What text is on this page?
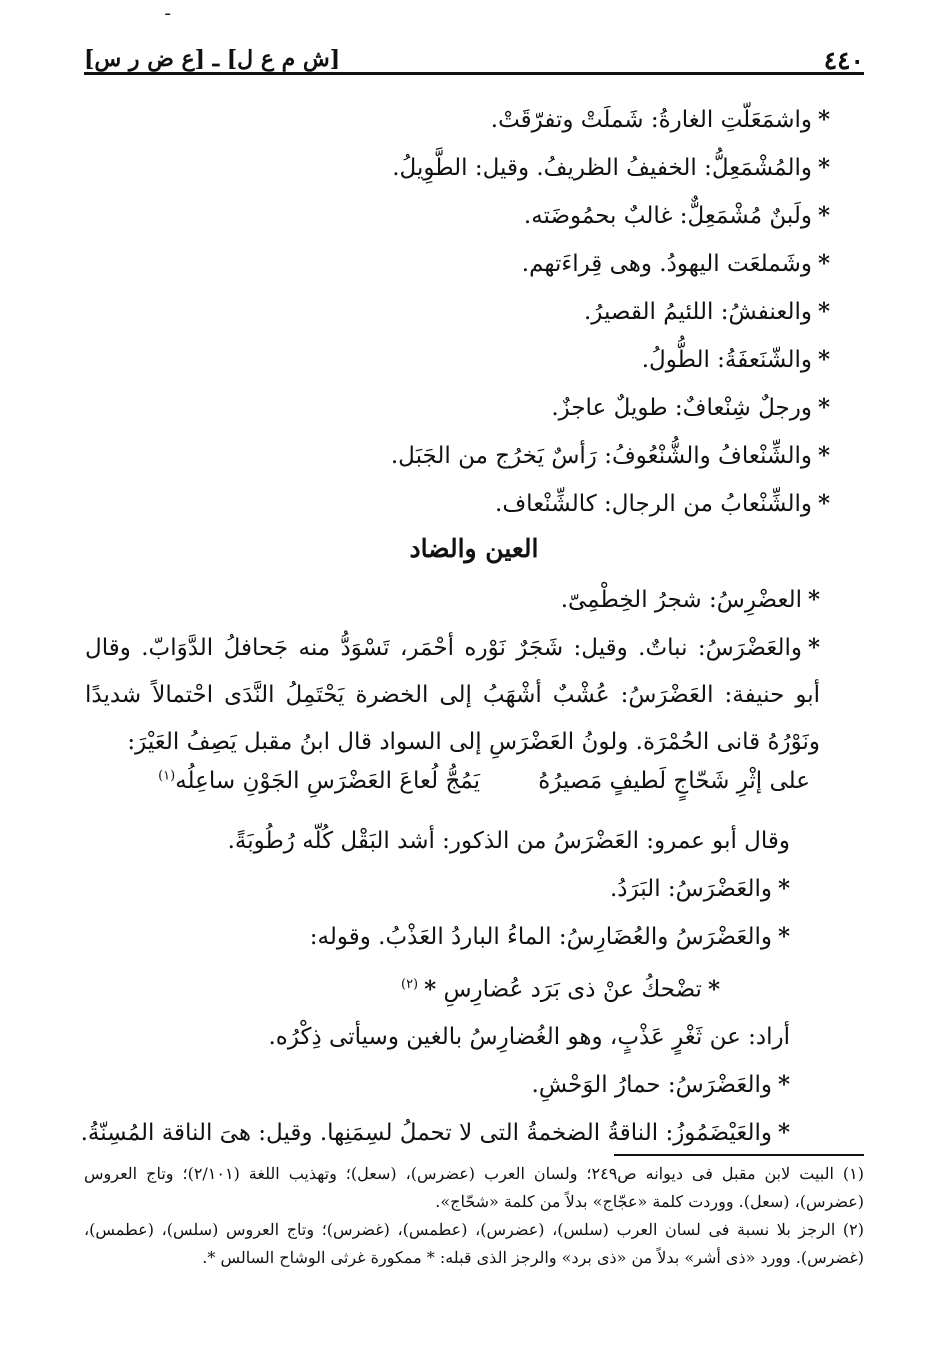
ـ
٤٤٠
[ش م ع ل] ـ [ع ض ر س]
*واشمَعَلّتِ الغارةُ: شَملَتْ وتفرّقَتْ.
*والمُشْمَعِلُّ: الخفيفُ الظريفُ. وقيل: الطَّوِيلُ.
*ولَبنٌ مُشْمَعِلٌّ: غالبٌ بحمُوضَته.
*وشَملعَت اليهودُ. وهى قِراءَتهم.
*والعنفشُ: اللئيمُ القصيرُ.
*والشّنَعفَةُ: الطُّولُ.
*ورجلٌ شِنْعافٌ: طويلٌ عاجزٌ.
*والشِّنْعافُ والشُّنْعُوفُ: رَأسٌ يَخرُج من الجَبَل.
*والشِّنْعابُ من الرجال: كالشِّنْعاف.
العين والضاد
*العضْرِسُ: شجرُ الخِطْمِىّ.
*والعَضْرَسُ: نباتٌ. وقيل: شَجَرٌ نَوْره أحْمَر، تَسْوَدُّ منه جَحافلُ الدَّوَابّ. وقال أبو حنيفة: العَضْرَسُ: عُشْبٌ أشْهَبُ إلى الخضرة يَحْتَمِلُ النَّدَى احْتمالاً شديدًا ونَوْرُهُ قانى الحُمْرَة. ولونُ العَضْرَسِ إلى السواد قال ابنُ مقبل يَصِفُ العَيْرَ:
على إثْرِ شَحّاجٍ لَطيفٍ مَصيرُهُ
يَمُجُّ لُعاعَ العَضْرَسِ الجَوْنِ ساعِلُه$^{(١)}$
وقال أبو عمرو: العَضْرَسُ من الذكور: أشد البَقْل كُلّه رُطُوبَةً.
*والعَضْرَسُ: البَرَدُ.
*والعَضْرَسُ والعُضَارِسُ: الماءُ الباردُ العَذْبُ. وقوله:
*تضْحكُ عنْ ذى بَرَد عُضارِسِ *$^{(٢)}$
أراد: عن ثَغْرٍ عَذْبٍ، وهو الغُضارِسُ بالغين وسيأتى ذِكْرُه.
*والعَضْرَسُ: حمارُ الوَحْشِ.
*والعَيْضَمُوزُ: الناقةُ الضخمةُ التى لا تحملُ لسِمَنِها. وقيل: هىَ الناقة المُسِنّةُ.
(١) البيت لابن مقبل فى ديوانه ص٢٤٩؛ ولسان العرب (عضرس)، (سعل)؛ وتهذيب اللغة (٢/١٠١)؛ وتاج العروس (عضرس)، (سعل). ووردت كلمة «عجّاج» بدلاً من كلمة «شحّاج».
(٢) الرجز بلا نسبة فى لسان العرب (سلس)، (عضرس)، (عطمس)، (غضرس)؛ وتاج العروس (سلس)، (عطمس)، (غضرس). وورد «ذى أشر» بدلاً من «ذى برد» والرجز الذى قبله: * ممكورة غرثى الوشاح السالس *.
